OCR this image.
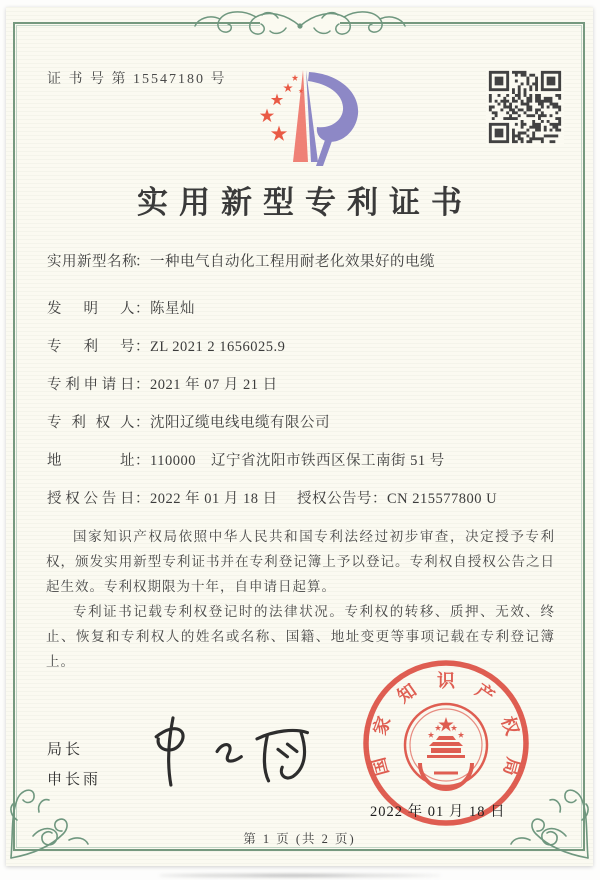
证 书 号 第 15547180 号
实用新型专利证书
实用新型名称：一种电气自动化工程用耐老化效果好的电缆
发明人：陈星灿
专利号：ZL 2021 2 1656025.9
专利申请日：2021 年 07 月 21 日
专利权人：沈阳辽缆电线电缆有限公司
地址：110000　辽宁省沈阳市铁西区保工南街 51 号
授权公告日：2022 年 01 月 18 日 授权公告号：CN 215577800 U

国家知识产权局依照中华人民共和国专利法经过初步审查，决定授予专利权，颁发实用新型专利证书并在专利登记簿上予以登记。专利权自授权公告之日起生效。专利权期限为十年，自申请日起算。

专利证书记载专利权登记时的法律状况。专利权的转移、质押、无效、终止、恢复和专利权人的姓名或名称、国籍、地址变更等事项记载在专利登记簿上。

局长
申长雨
国
家
知 识 产
权
局
2022 年 01 月 18 日
第 1 页 (共 2 页)
